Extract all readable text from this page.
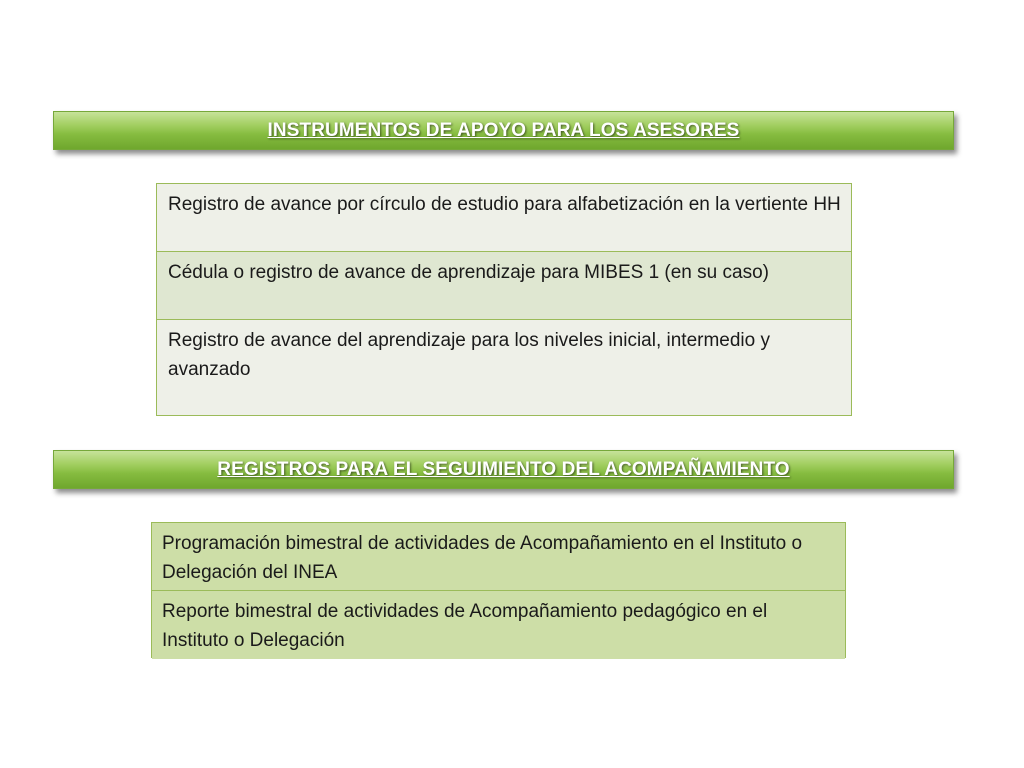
INSTRUMENTOS DE APOYO PARA LOS ASESORES
Registro de avance por círculo de estudio para alfabetización en la vertiente HH
Cédula o registro de avance de aprendizaje para MIBES 1 (en su caso)
Registro de avance del aprendizaje para los niveles inicial, intermedio y avanzado
REGISTROS PARA EL SEGUIMIENTO DEL ACOMPAÑAMIENTO
Programación bimestral de actividades de Acompañamiento en el Instituto o Delegación del INEA
Reporte bimestral de actividades de Acompañamiento pedagógico en el Instituto o Delegación
